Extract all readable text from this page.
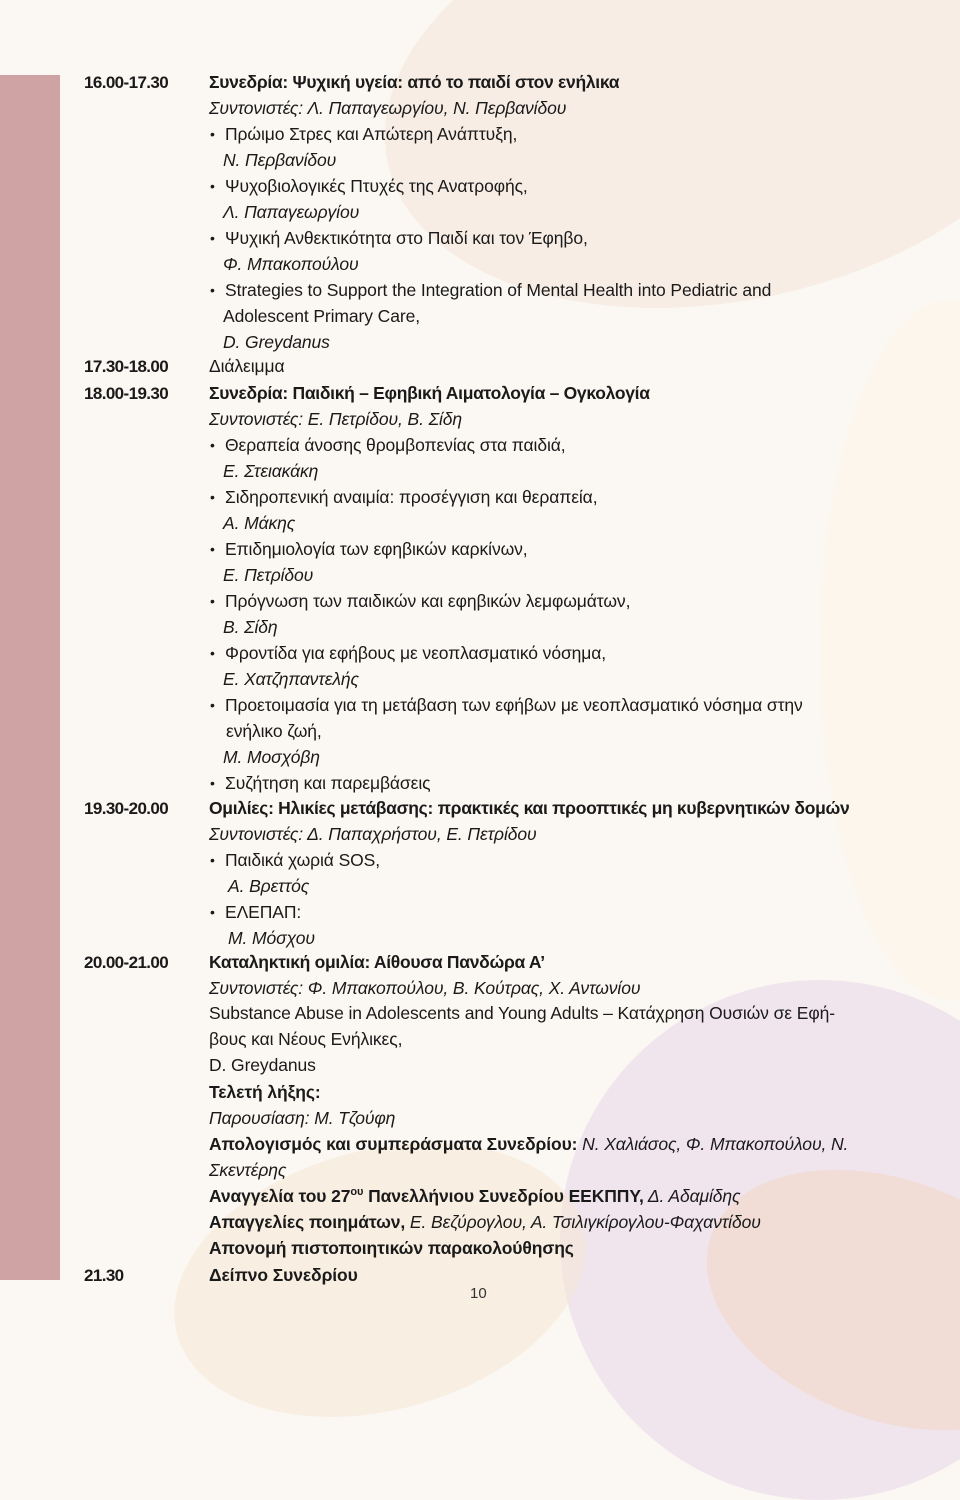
16.00-17.30 Συνεδρία: Ψυχική υγεία: από το παιδί στον ενήλικα
Συντονιστές: Λ. Παπαγεωργίου, Ν. Περβανίδου
• Πρώιμο Στρες και Απώτερη Ανάπτυξη,
Ν. Περβανίδου
• Ψυχοβιολογικές Πτυχές της Ανατροφής,
Λ. Παπαγεωργίου
• Ψυχική Ανθεκτικότητα στο Παιδί και τον Έφηβο,
Φ. Μπακοπούλου
• Strategies to Support the Integration of Mental Health into Pediatric and
Adolescent Primary Care,
D. Greydanus
17.30-18.00 Διάλειμμα
18.00-19.30 Συνεδρία: Παιδική – Εφηβική Αιματολογία – Ογκολογία
Συντονιστές: Ε. Πετρίδου, Β. Σίδη
• Θεραπεία άνοσης θρομβοπενίας στα παιδιά,
Ε. Στειακάκη
• Σιδηροπενική αναιμία: προσέγγιση και θεραπεία,
Α. Μάκης
• Επιδημιολογία των εφηβικών καρκίνων,
Ε. Πετρίδου
• Πρόγνωση των παιδικών και εφηβικών λεμφωμάτων,
Β. Σίδη
• Φροντίδα για εφήβους με νεοπλασματικό νόσημα,
Ε. Χατζηπαντελής
• Προετοιμασία για τη μετάβαση των εφήβων με νεοπλασματικό νόσημα στην
ενήλικο ζωή,
Μ. Μοσχόβη
• Συζήτηση και παρεμβάσεις
19.30-20.00 Ομιλίες: Ηλικίες μετάβασης: πρακτικές και προοπτικές μη κυβερνητικών δομών
Συντονιστές: Δ. Παπαχρήστου, Ε. Πετρίδου
• Παιδικά χωριά SOS,
Α. Βρεττός
• ΕΛΕΠΑΠ:
Μ. Μόσχου
20.00-21.00 Καταληκτική ομιλία: Αίθουσα Πανδώρα Α’
Συντονιστές: Φ. Μπακοπούλου, Β. Κούτρας, Χ. Αντωνίου
Substance Abuse in Adolescents and Young Adults – Κατάχρηση Ουσιών σε Εφή-
βους και Νέους Ενήλικες,
D. Greydanus
Τελετή λήξης:
Παρουσίαση: Μ. Τζούφη
Απολογισμός και συμπεράσματα Συνεδρίου: Ν. Χαλιάσος, Φ. Μπακοπούλου, Ν.
Σκεντέρης
Αναγγελία του $27^{o\upsilon}$ Πανελλήνιου Συνεδρίου ΕΕΚΠΠΥ, Δ. Αδαμίδης
Απαγγελίες ποιημάτων, Ε. Βεζύρογλου, Α. Τσιλιγκίρογλου-Φαχαντίδου
Απονομή πιστοποιητικών παρακολούθησης
21.30	Δείπνο Συνεδρίου
10
